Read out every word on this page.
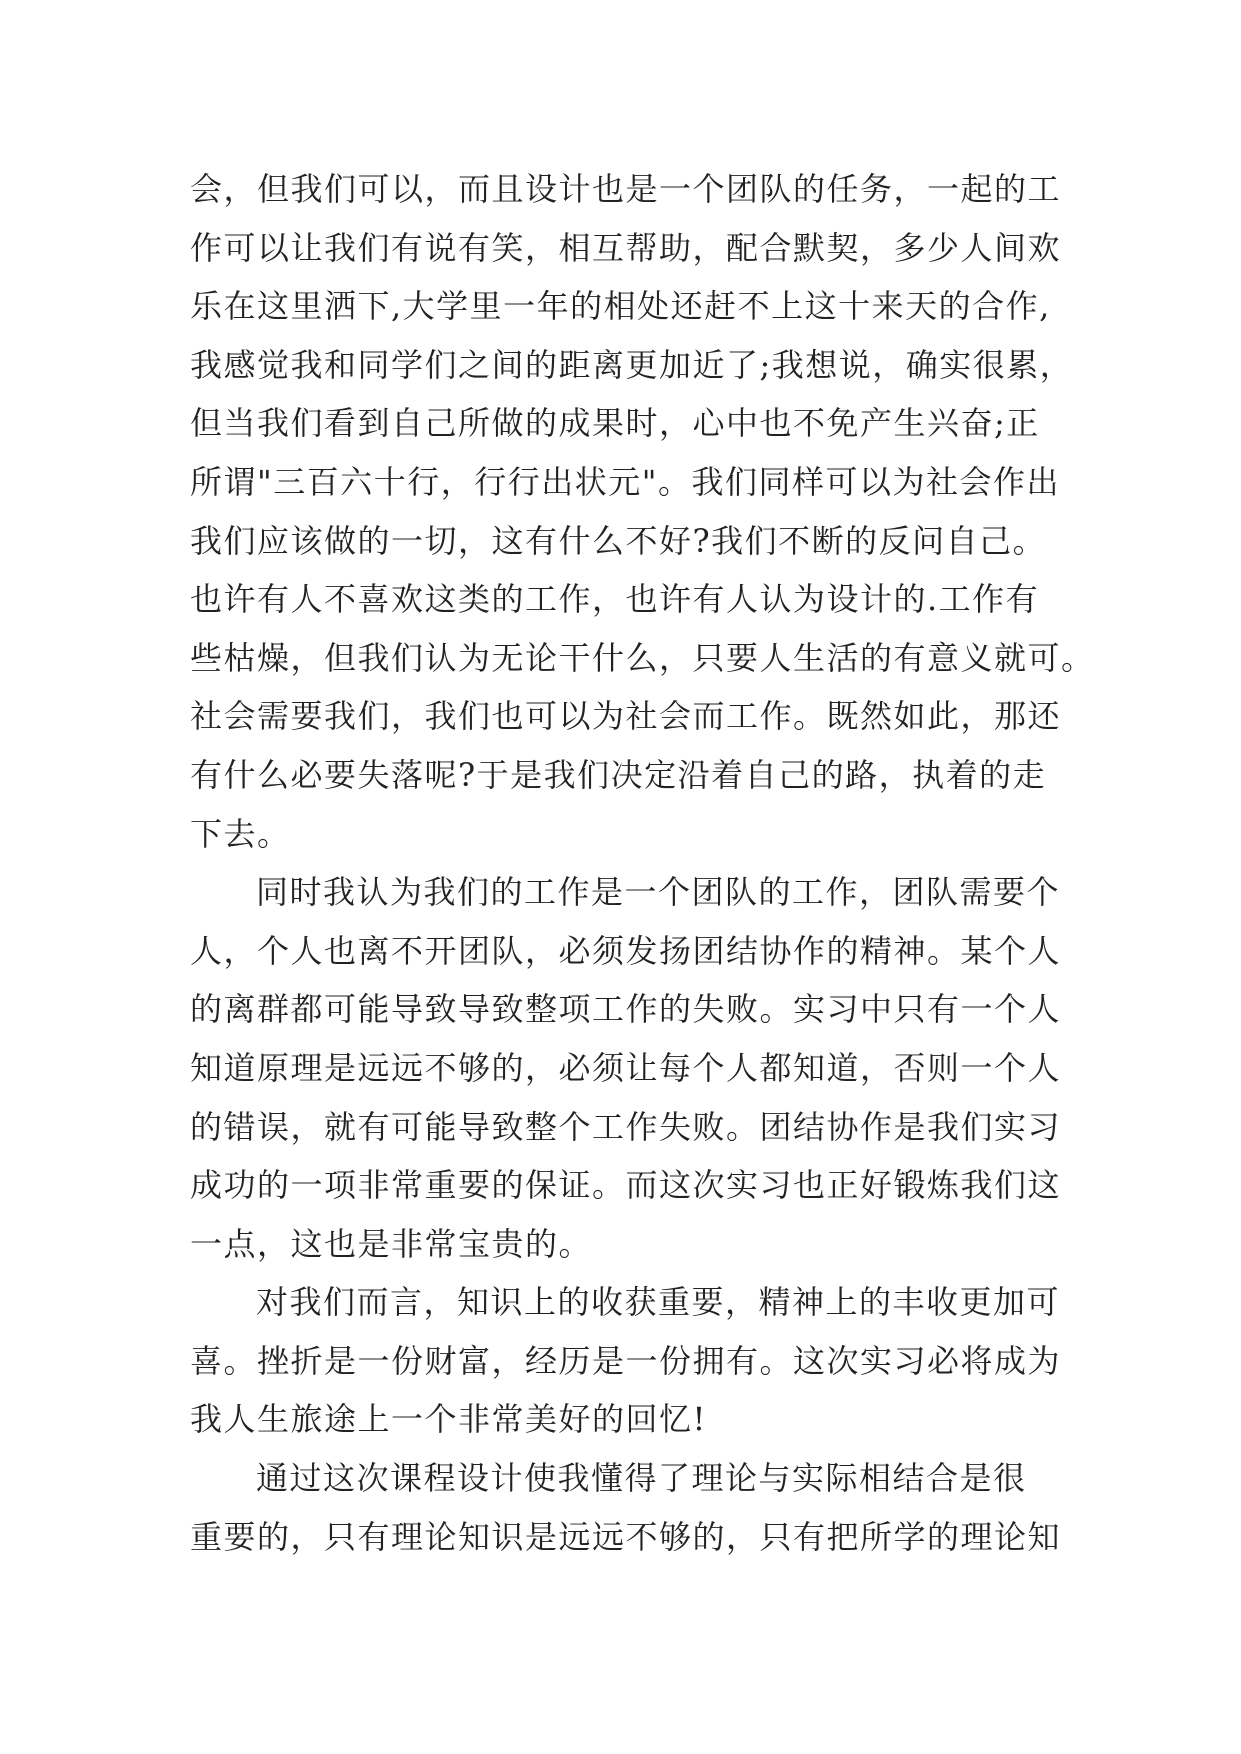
会，但我们可以，而且设计也是一个团队的任务，一起的工
作可以让我们有说有笑，相互帮助，配合默契，多少人间欢
乐在这里洒下,大学里一年的相处还赶不上这十来天的合作,
我感觉我和同学们之间的距离更加近了;我想说，确实很累，
但当我们看到自己所做的成果时，心中也不免产生兴奋;正
所谓"三百六十行，行行出状元"。我们同样可以为社会作出
我们应该做的一切，这有什么不好?我们不断的反问自己。
也许有人不喜欢这类的工作，也许有人认为设计的.工作有
些枯燥，但我们认为无论干什么，只要人生活的有意义就可。
社会需要我们，我们也可以为社会而工作。既然如此，那还
有什么必要失落呢?于是我们决定沿着自己的路，执着的走
下去。
同时我认为我们的工作是一个团队的工作，团队需要个
人，个人也离不开团队，必须发扬团结协作的精神。某个人
的离群都可能导致导致整项工作的失败。实习中只有一个人
知道原理是远远不够的，必须让每个人都知道，否则一个人
的错误，就有可能导致整个工作失败。团结协作是我们实习
成功的一项非常重要的保证。而这次实习也正好锻炼我们这
一点，这也是非常宝贵的。
对我们而言，知识上的收获重要，精神上的丰收更加可
喜。挫折是一份财富，经历是一份拥有。这次实习必将成为
我人生旅途上一个非常美好的回忆!
通过这次课程设计使我懂得了理论与实际相结合是很
重要的，只有理论知识是远远不够的，只有把所学的理论知
